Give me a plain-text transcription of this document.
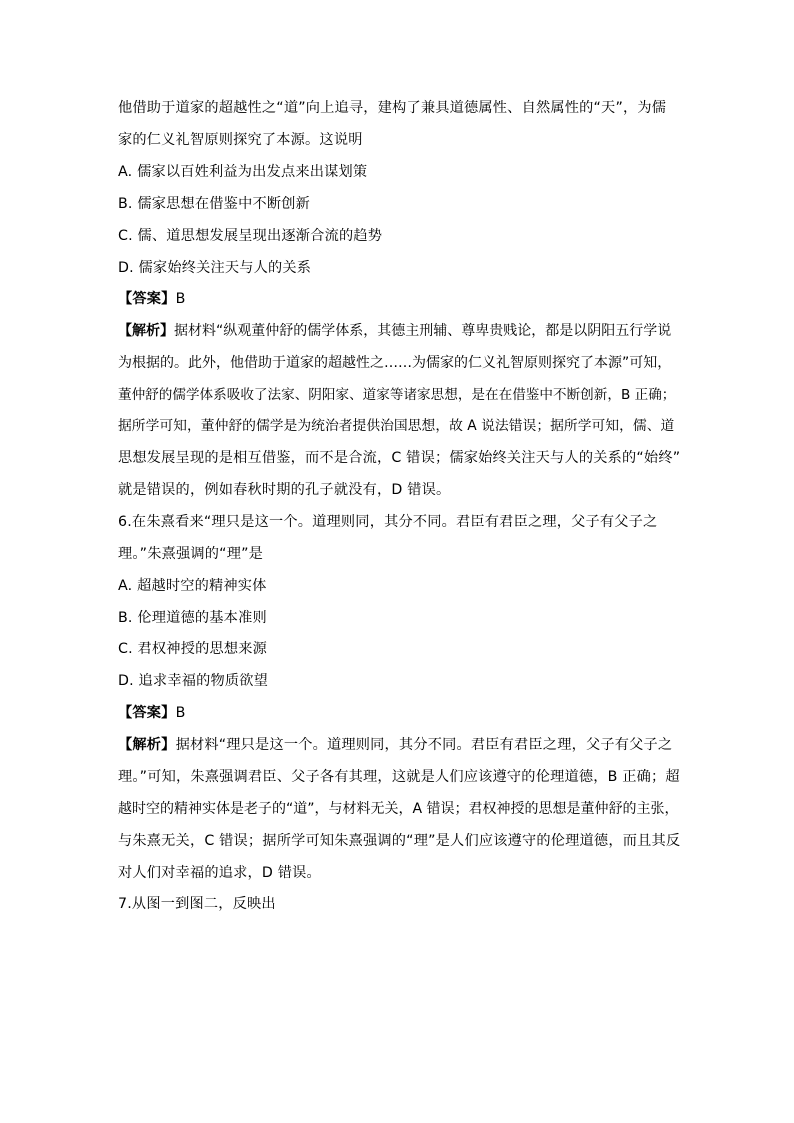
他借助于道家的超越性之“道”向上追寻，建构了兼具道德属性、自然属性的“天”，为儒
家的仁义礼智原则探究了本源。这说明
A. 儒家以百姓利益为出发点来出谋划策
B. 儒家思想在借鉴中不断创新
C. 儒、道思想发展呈现出逐渐合流的趋势
D. 儒家始终关注天与人的关系
【答案】B
【解析】据材料“纵观董仲舒的儒学体系，其德主刑辅、尊卑贵贱论，都是以阴阳五行学说
为根据的。此外，他借助于道家的超越性之……为儒家的仁义礼智原则探究了本源”可知，
董仲舒的儒学体系吸收了法家、阴阳家、道家等诸家思想，是在在借鉴中不断创新，B 正确；
据所学可知，董仲舒的儒学是为统治者提供治国思想，故 A 说法错误；据所学可知，儒、道
思想发展呈现的是相互借鉴，而不是合流，C 错误；儒家始终关注天与人的关系的“始终”
就是错误的，例如春秋时期的孔子就没有，D 错误。
6.在朱熹看来“理只是这一个。道理则同，其分不同。君臣有君臣之理，父子有父子之
理。”朱熹强调的“理”是
A. 超越时空的精神实体
B. 伦理道德的基本准则
C. 君权神授的思想来源
D. 追求幸福的物质欲望
【答案】B
【解析】据材料“理只是这一个。道理则同，其分不同。君臣有君臣之理，父子有父子之
理。”可知，朱熹强调君臣、父子各有其理，这就是人们应该遵守的伦理道德，B 正确；超
越时空的精神实体是老子的“道”，与材料无关，A 错误；君权神授的思想是董仲舒的主张，
与朱熹无关，C 错误；据所学可知朱熹强调的“理”是人们应该遵守的伦理道德，而且其反
对人们对幸福的追求，D 错误。
7.从图一到图二，反映出
